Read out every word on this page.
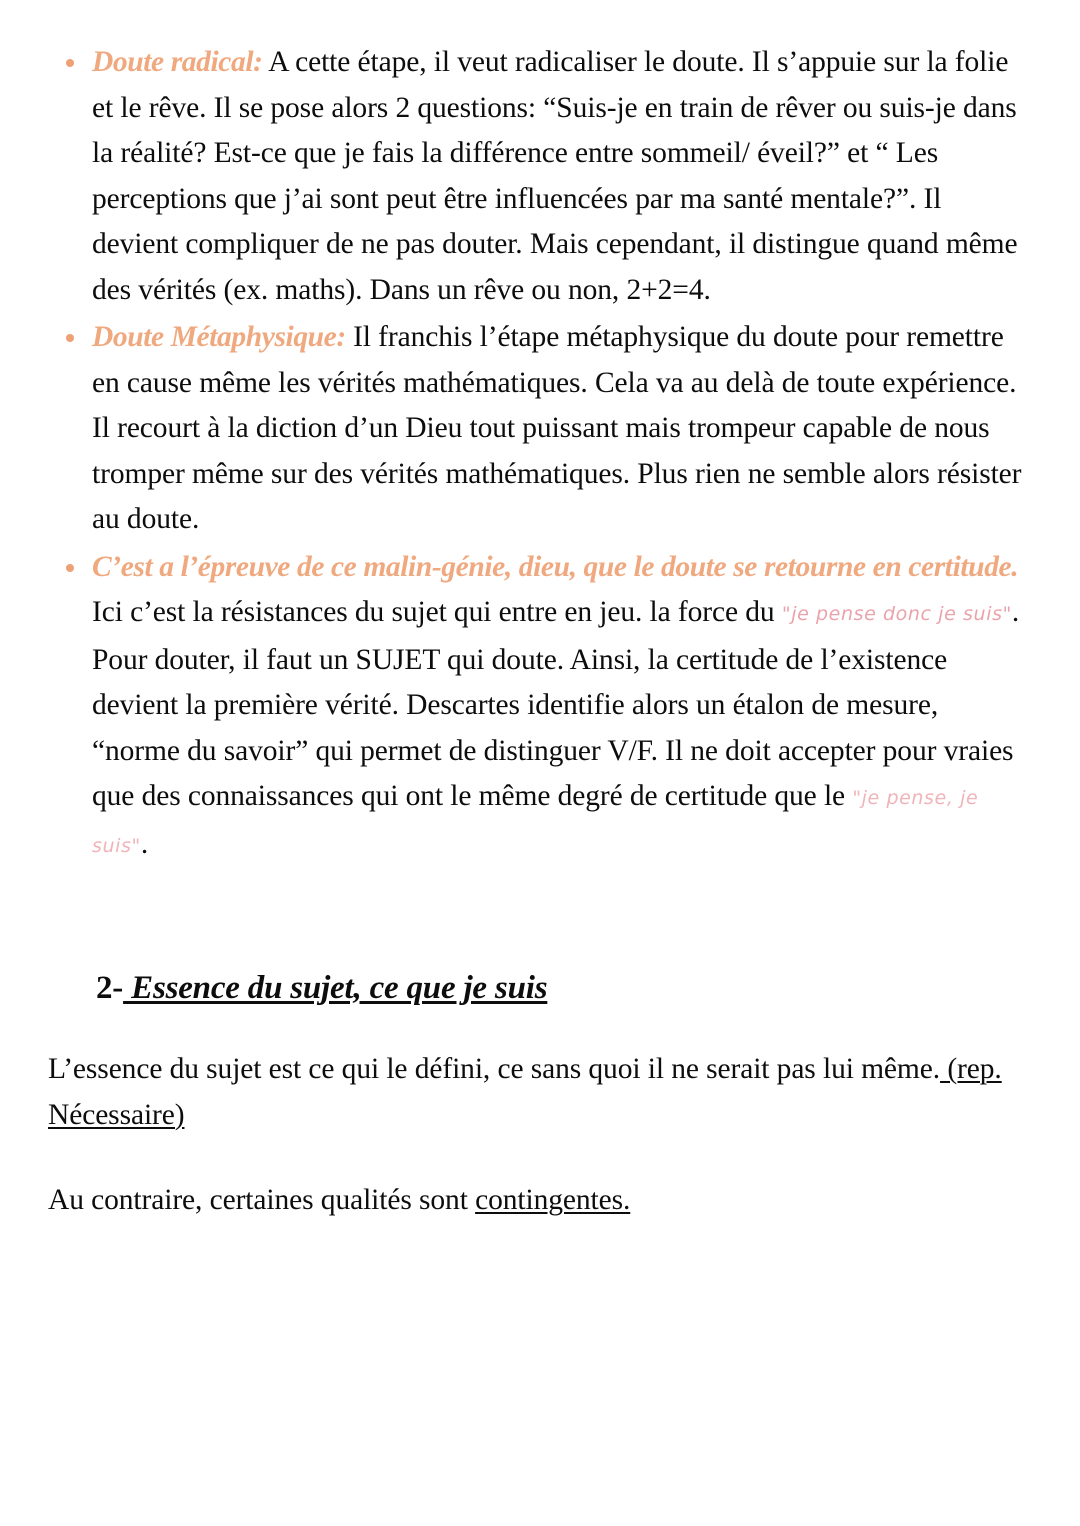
Doute radical: A cette étape, il veut radicaliser le doute. Il s’appuie sur la folie et le rêve. Il se pose alors 2 questions: “Suis-je en train de rêver ou suis-je dans la réalité? Est-ce que je fais la différence entre sommeil/ éveil?” et “ Les perceptions que j’ai sont peut être influencées par ma santé mentale?”. Il devient compliquer de ne pas douter. Mais cependant, il distingue quand même des vérités (ex. maths). Dans un rêve ou non, 2+2=4.
Doute Métaphysique: Il franchis l’étape métaphysique du doute pour remettre en cause même les vérités mathématiques. Cela va au delà de toute expérience. Il recourt à la diction d’un Dieu tout puissant mais trompeur capable de nous tromper même sur des vérités mathématiques. Plus rien ne semble alors résister au doute.
C’est a l’épreuve de ce malin-génie, dieu, que le doute se retourne en certitude. Ici c’est la résistances du sujet qui entre en jeu. la force du "je pense donc je suis". Pour douter, il faut un SUJET qui doute. Ainsi, la certitude de l’existence devient la première vérité. Descartes identifie alors un étalon de mesure, “norme du savoir” qui permet de distinguer V/F. Il ne doit accepter pour vraies que des connaissances qui ont le même degré de certitude que le "je pense, je suis".
2- Essence du sujet, ce que je suis

L’essence du sujet est ce qui le défini, ce sans quoi il ne serait pas lui même. (rep. Nécessaire)

Au contraire, certaines qualités sont contingentes.
